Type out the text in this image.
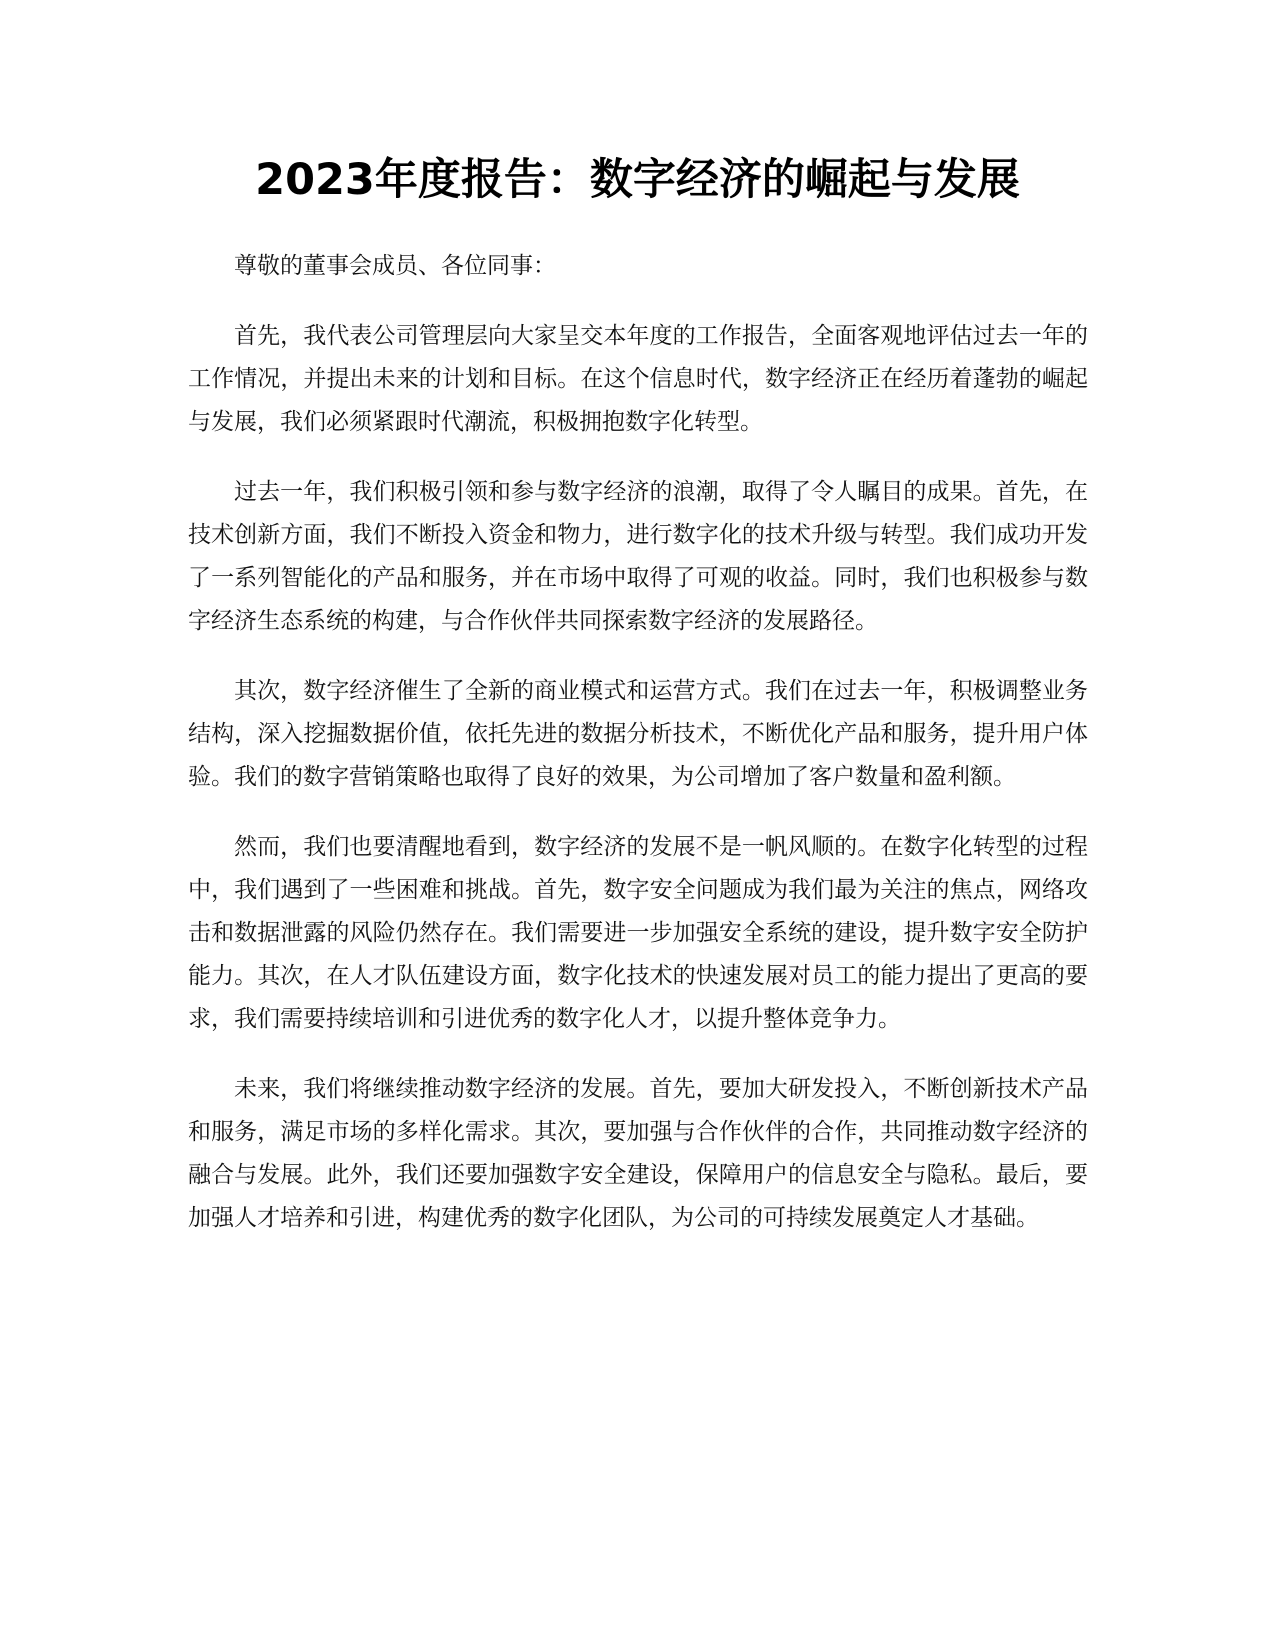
2023年度报告：数字经济的崛起与发展

尊敬的董事会成员、各位同事：

首先，我代表公司管理层向大家呈交本年度的工作报告，全面客观地评估过去一年的工作情况，并提出未来的计划和目标。在这个信息时代，数字经济正在经历着蓬勃的崛起与发展，我们必须紧跟时代潮流，积极拥抱数字化转型。

过去一年，我们积极引领和参与数字经济的浪潮，取得了令人瞩目的成果。首先，在技术创新方面，我们不断投入资金和物力，进行数字化的技术升级与转型。我们成功开发了一系列智能化的产品和服务，并在市场中取得了可观的收益。同时，我们也积极参与数字经济生态系统的构建，与合作伙伴共同探索数字经济的发展路径。

其次，数字经济催生了全新的商业模式和运营方式。我们在过去一年，积极调整业务结构，深入挖掘数据价值，依托先进的数据分析技术，不断优化产品和服务，提升用户体验。我们的数字营销策略也取得了良好的效果，为公司增加了客户数量和盈利额。

然而，我们也要清醒地看到，数字经济的发展不是一帆风顺的。在数字化转型的过程中，我们遇到了一些困难和挑战。首先，数字安全问题成为我们最为关注的焦点，网络攻击和数据泄露的风险仍然存在。我们需要进一步加强安全系统的建设，提升数字安全防护能力。其次，在人才队伍建设方面，数字化技术的快速发展对员工的能力提出了更高的要求，我们需要持续培训和引进优秀的数字化人才，以提升整体竞争力。

未来，我们将继续推动数字经济的发展。首先，要加大研发投入，不断创新技术产品和服务，满足市场的多样化需求。其次，要加强与合作伙伴的合作，共同推动数字经济的融合与发展。此外，我们还要加强数字安全建设，保障用户的信息安全与隐私。最后，要加强人才培养和引进，构建优秀的数字化团队，为公司的可持续发展奠定人才基础。
